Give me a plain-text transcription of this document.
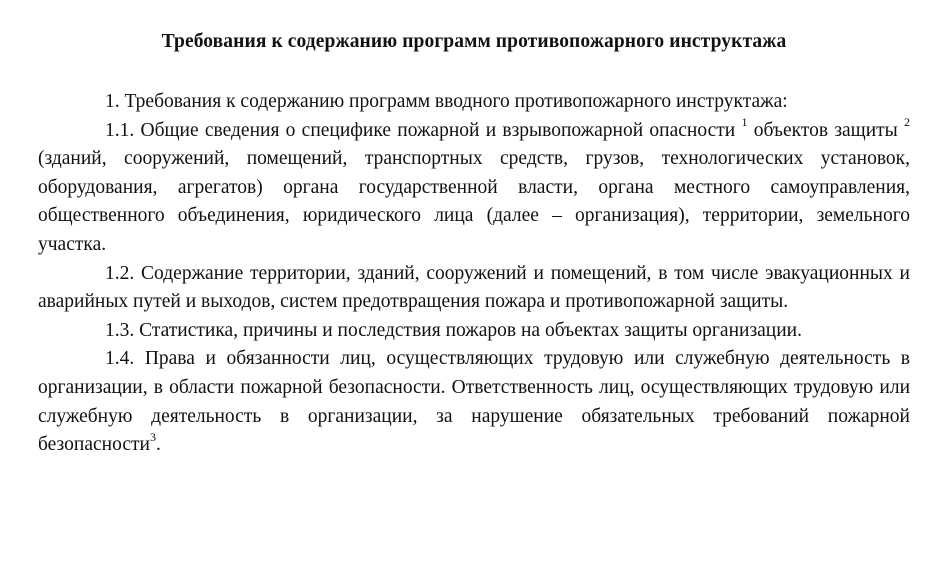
Требования к содержанию программ противопожарного инструктажа

1. Требования к содержанию программ вводного противопожарного инструктажа:

1.1. Общие сведения о специфике пожарной и взрывопожарной опасности $^1$ объектов защиты $^2$ (зданий, сооружений, помещений, транспортных средств, грузов, технологических установок, оборудования, агрегатов) органа государственной власти, органа местного самоуправления, общественного объединения, юридического лица (далее – организация), территории, земельного участка.

1.2. Содержание территории, зданий, сооружений и помещений, в том числе эвакуационных и аварийных путей и выходов, систем предотвращения пожара и противопожарной защиты.

1.3. Статистика, причины и последствия пожаров на объектах защиты организации.

1.4. Права и обязанности лиц, осуществляющих трудовую или служебную деятельность в организации, в области пожарной безопасности. Ответственность лиц, осуществляющих трудовую или служебную деятельность в организации, за нарушение обязательных требований пожарной безопасности$^3$.
